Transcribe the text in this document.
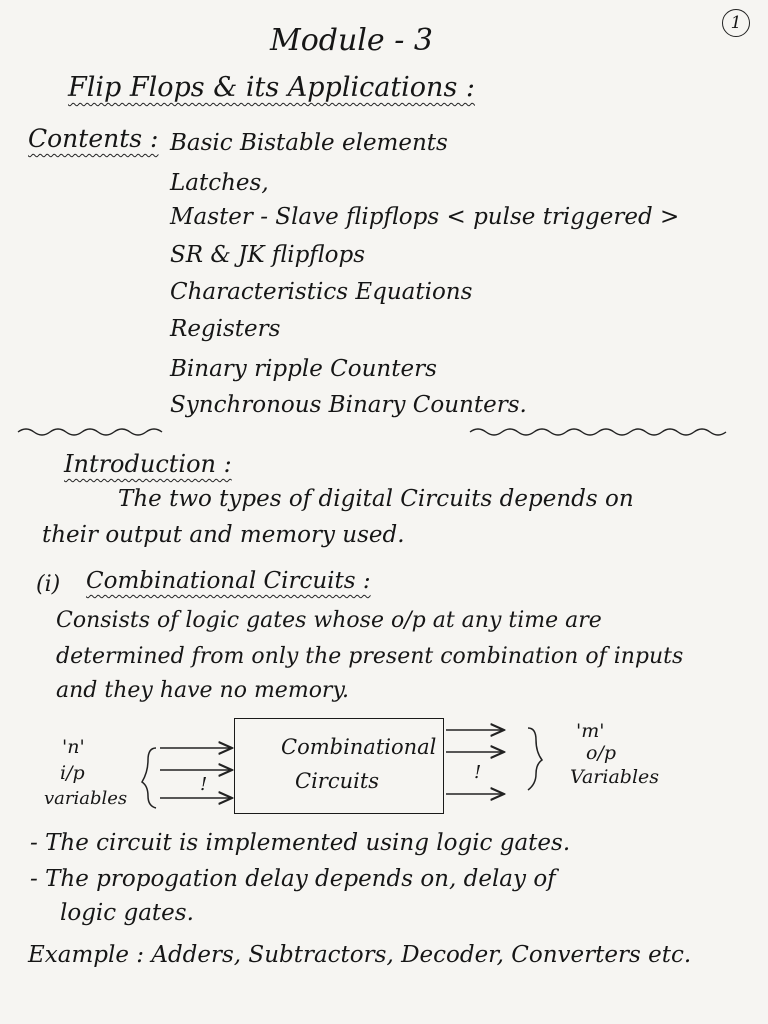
1
Module - 3
Flip Flops & its Applications :
Contents : Basic Bistable elements
Latches,
Master - Slave flipflops < pulse triggered >
SR & JK flipflops
Characteristics Equations
Registers
Binary ripple Counters
Synchronous Binary Counters.
Introduction :
The two types of digital Circuits depends on
their output and memory used.
(i) Combinational Circuits :
Consists of logic gates whose o/p at any time are
determined from only the present combination of inputs
and they have no memory.
'n'
i/p
variables
!
!
Combinational
Circuits
'm'
o/p
Variables
- The circuit is implemented using logic gates.
- The propogation delay depends on, delay of
logic gates.
Example : Adders, Subtractors, Decoder, Converters etc.
